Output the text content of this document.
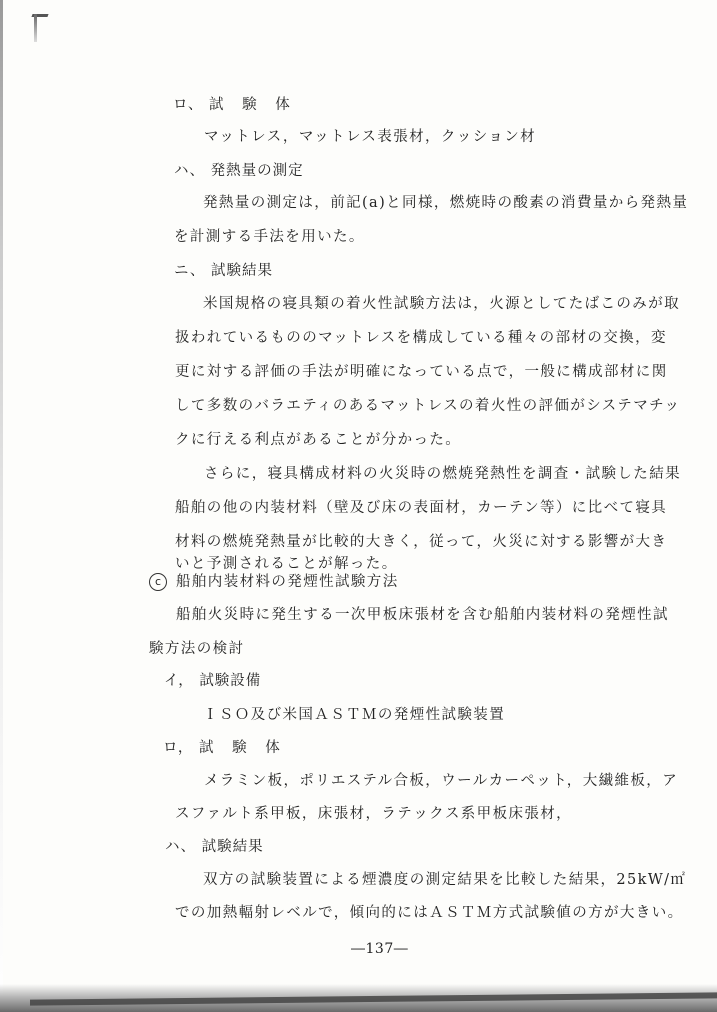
ロ、 試 験 体
マットレス，マットレス表張材，クッション材
ハ、 発熱量の測定
発熱量の測定は，前記(a)と同様，燃焼時の酸素の消費量から発熱量
を計測する手法を用いた。
ニ、 試験結果
米国規格の寝具類の着火性試験方法は，火源としてたばこのみが取
扱われているもののマットレスを構成している種々の部材の交換，変
更に対する評価の手法が明確になっている点で，一般に構成部材に関
して多数のバラエティのあるマットレスの着火性の評価がシステマチッ
クに行える利点があることが分かった。
さらに，寝具構成材料の火災時の燃焼発熱性を調査・試験した結果
船舶の他の内装材料（壁及び床の表面材，カーテン等）に比べて寝具
材料の燃焼発熱量が比較的大きく，従って，火災に対する影響が大き
いと予測されることが解った。
c	船舶内装材料の発煙性試験方法
船舶火災時に発生する一次甲板床張材を含む船舶内装材料の発煙性試
験方法の検討
イ， 試験設備
ＩＳＯ及び米国ＡＳＴＭの発煙性試験装置
ロ， 試 験 体
メラミン板，ポリエステル合板，ウールカーペット，大繊維板，ア
スファルト系甲板，床張材，ラテックス系甲板床張材，
ハ、 試験結果
双方の試験装置による煙濃度の測定結果を比較した結果，25kW/㎡
での加熱輻射レベルで，傾向的にはＡＳＴＭ方式試験値の方が大きい。
―137―
